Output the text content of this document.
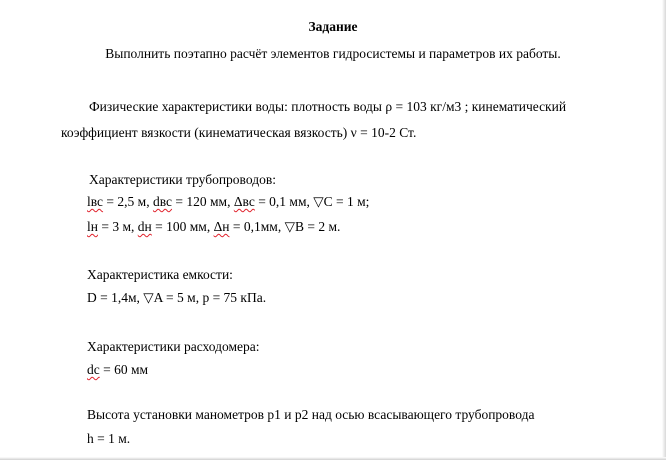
Задание
Выполнить поэтапно расчёт элементов гидросистемы и параметров их работы.
Физические характеристики воды: плотность воды ρ = 103 кг/м3 ; кинематический
коэффициент вязкости (кинематическая вязкость) ν = 10-2 Ст.
Характеристики трубопроводов:
lвс = 2,5 м, dвс = 120 мм, Δвс = 0,1 мм, ▽C = 1 м;
lн = 3 м, dн = 100 мм, Δн = 0,1мм, ▽B = 2 м.
Характеристика емкости:
D = 1,4м, ▽A = 5 м, p = 75 кПа.
Характеристики расходомера:
dс = 60 мм
Высота установки манометров p1 и p2 над осью всасывающего трубопровода
h = 1 м.
